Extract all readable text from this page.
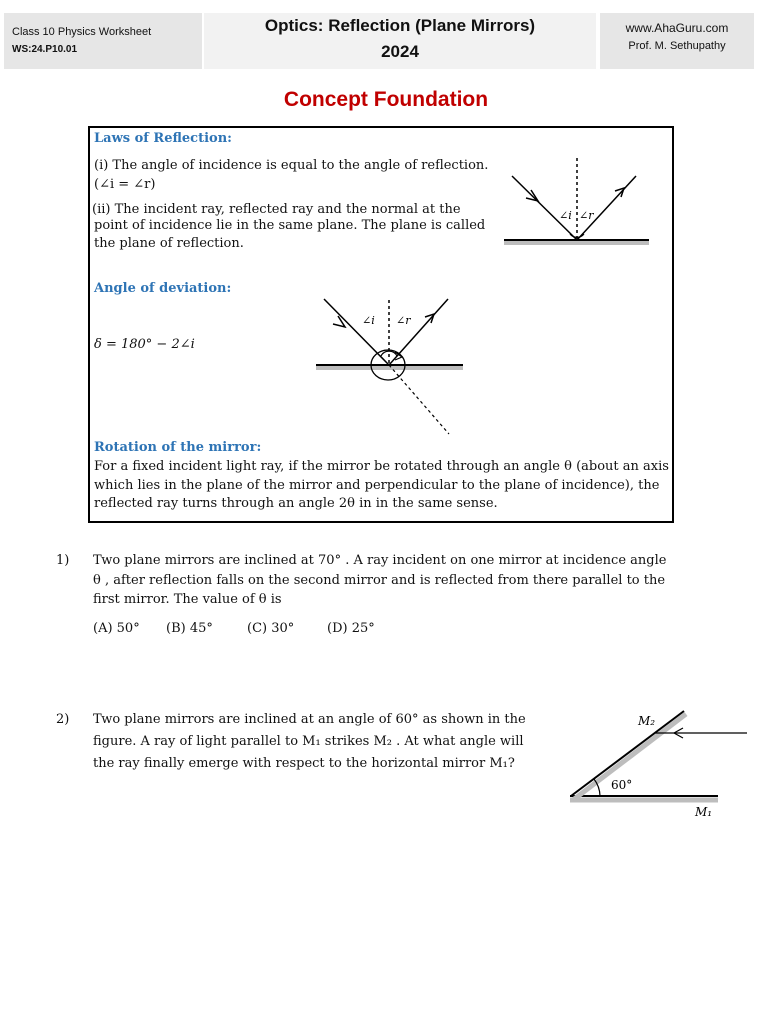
Class 10 Physics Worksheet
WS:24.P10.01
Optics: Reflection (Plane Mirrors)
2024
www.AhaGuru.com
Prof. M. Sethupathy
Concept Foundation
Laws of Reflection:
(i) The angle of incidence is equal to the angle of reflection.
(∠i = ∠r)
(ii) The incident ray, reflected ray and the normal at the
point of incidence lie in the same plane. The plane is called
the plane of reflection.
∠i ∠r
Angle of deviation:
δ = 180° − 2∠i
∠i ∠r
Rotation of the mirror:
For a fixed incident light ray, if the mirror be rotated through an angle θ (about an axis
which lies in the plane of the mirror and perpendicular to the plane of incidence), the
reflected ray turns through an angle 2θ in in the same sense.
1) Two plane mirrors are inclined at 70° . A ray incident on one mirror at incidence angle
θ , after reflection falls on the second mirror and is reflected from there parallel to the
first mirror. The value of θ is
(A) 50° (B) 45°	(C) 30°	(D) 25°
2) Two plane mirrors are inclined at an angle of 60° as shown in the
figure. A ray of light parallel to M₁ strikes M₂ . At what angle will
the ray finally emerge with respect to the horizontal mirror M₁?
60°
M₂
M₁
